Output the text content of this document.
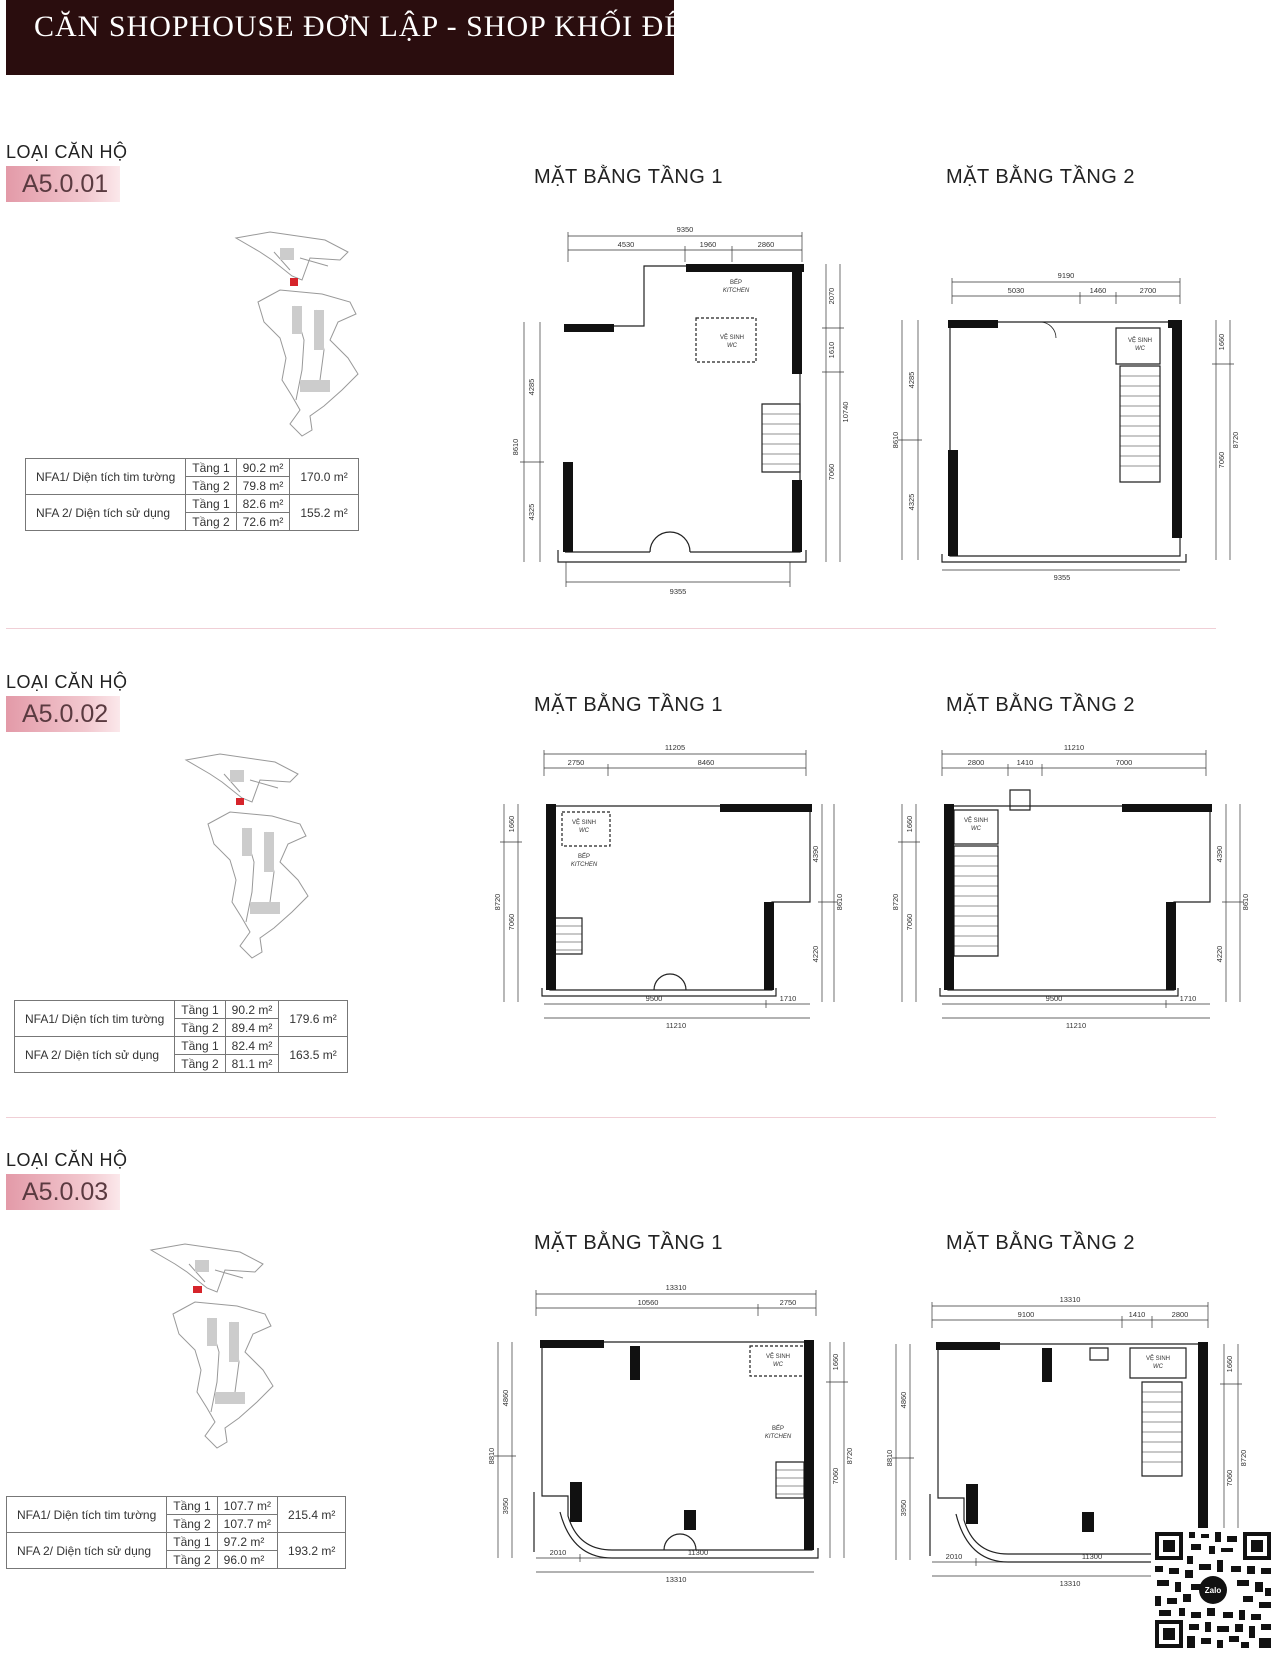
CĂN SHOPHOUSE ĐƠN LẬP - SHOP KHỐI ĐẾ
LOẠI CĂN HỘ
A5.0.01	MẶT BẰNG TẦNG 1	MẶT BẰNG TẦNG 2
NFA1/ Diện tích tim tường	Tầng 1	90.2 m²	170.0 m²
	Tầng 2	79.8 m²	
NFA 2/ Diện tích sử dụng	Tầng 1	82.6 m²	155.2 m²
	Tầng 2	72.6 m²	
9350
4530	1960	2860
9355
8610
4285
4325
10740
2070
1610
7060
BẾP
KITCHEN
VỆ SINH
WC
9190
5030	1460	2700
9355
8610
4285
4325
8720
1660
7060
VỆ SINH
WC
LOẠI CĂN HỘ
A5.0.02	MẶT BẰNG TẦNG 1	MẶT BẰNG TẦNG 2
NFA1/ Diện tích tim tường	Tầng 1	90.2 m²	179.6 m²
	Tầng 2	89.4 m²	
NFA 2/ Diện tích sử dụng	Tầng 1	82.4 m²	163.5 m²
	Tầng 2	81.1 m²	
11205
2750	8460
9500	1710
11210
8720
1660
7060
8610
4390
4220
VỆ SINH
WC
BẾP
KITCHEN
11210
2800	1410	7000
9500	1710
11210
8720
1660
7060
8610
4390
4220
VỆ SINH
WC
LOẠI CĂN HỘ
A5.0.03
MẶT BẰNG TẦNG 1	MẶT BẰNG TẦNG 2
NFA1/ Diện tích tim tường	Tầng 1	107.7 m²	215.4 m²
	Tầng 2	107.7 m²	
NFA 2/ Diện tích sử dụng	Tầng 1	97.2 m²	193.2 m²
	Tầng 2	96.0 m²	
13310
10560	2750
2010	11300
13310
8810
4860
3950
8720
1660
7060
VỆ SINH
WC
BẾP
KITCHEN
13310
9100	1410	2800
2010	11300
13310
8810
4860
3950
8720
1660
7060
VỆ SINH
WC
Zalo
